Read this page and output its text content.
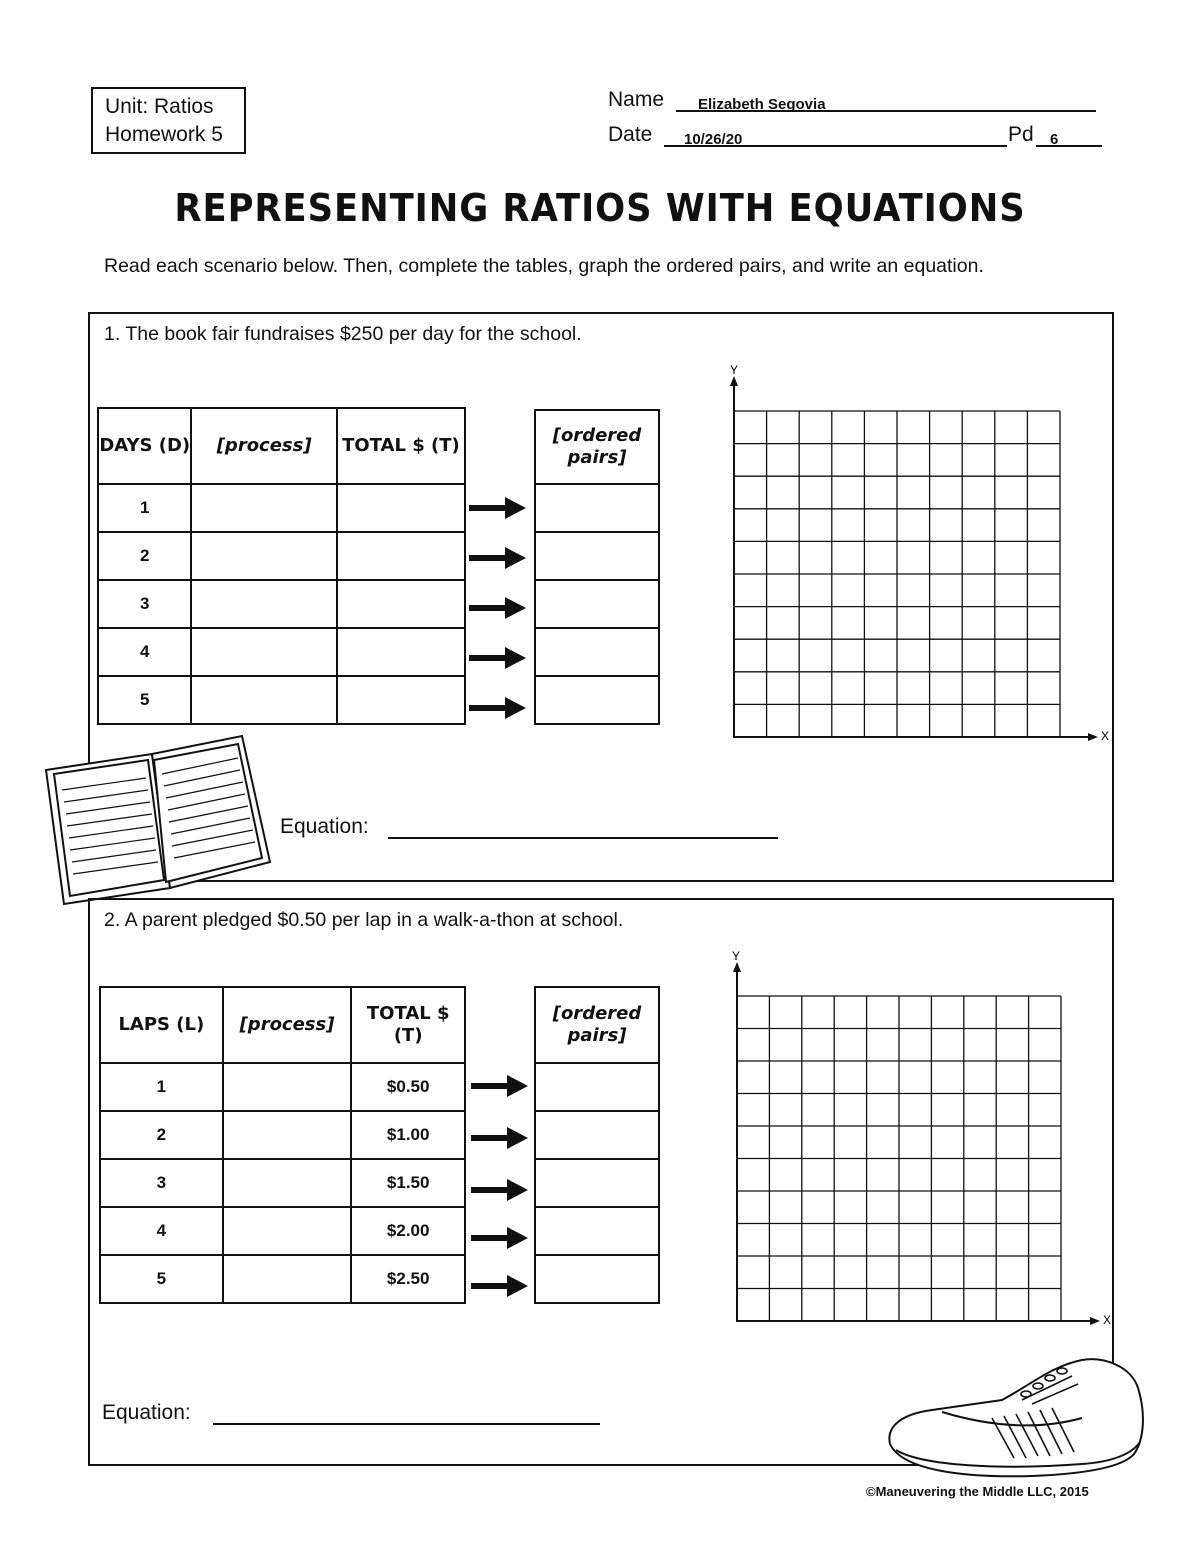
Unit: Ratios
Homework 5
Name Elizabeth Segovia
Date 10/26/20	Pd 6
REPRESENTING RATIOS WITH EQUATIONS
Read each scenario below. Then, complete the tables, graph the ordered pairs, and write an equation.
1. The book fair fundraises $250 per day for the school.
DAYS (D)	[process]	TOTAL $ (T)
1		
2		
3		
4		
5		
[ordered pairs]

Y
X
Equation:
2. A parent pledged $0.50 per lap in a walk-a-thon at school.
LAPS (L)	[process]	TOTAL $ (T)
1		$0.50
2		$1.00
3		$1.50
4		$2.00
5		$2.50
[ordered pairs]

Y
X
Equation:
©Maneuvering the Middle LLC, 2015
